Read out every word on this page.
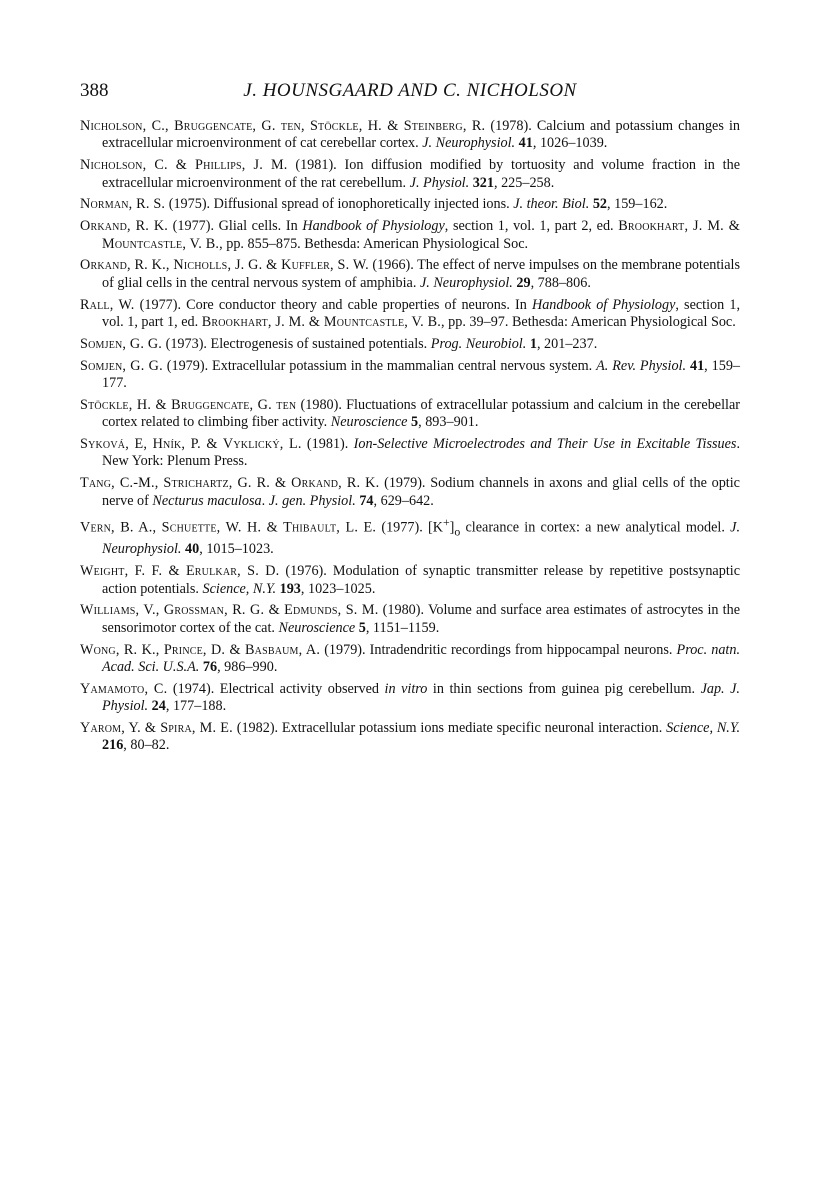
388	J. HOUNSGAARD AND C. NICHOLSON
Nicholson, C., Bruggencate, G. ten, Stöckle, H. & Steinberg, R. (1978). Calcium and potassium changes in extracellular microenvironment of cat cerebellar cortex. J. Neurophysiol. 41, 1026–1039.
Nicholson, C. & Phillips, J. M. (1981). Ion diffusion modified by tortuosity and volume fraction in the extracellular microenvironment of the rat cerebellum. J. Physiol. 321, 225–258.
Norman, R. S. (1975). Diffusional spread of ionophoretically injected ions. J. theor. Biol. 52, 159–162.
Orkand, R. K. (1977). Glial cells. In Handbook of Physiology, section 1, vol. 1, part 2, ed. Brookhart, J. M. & Mountcastle, V. B., pp. 855–875. Bethesda: American Physiological Soc.
Orkand, R. K., Nicholls, J. G. & Kuffler, S. W. (1966). The effect of nerve impulses on the membrane potentials of glial cells in the central nervous system of amphibia. J. Neurophysiol. 29, 788–806.
Rall, W. (1977). Core conductor theory and cable properties of neurons. In Handbook of Physiology, section 1, vol. 1, part 1, ed. Brookhart, J. M. & Mountcastle, V. B., pp. 39–97. Bethesda: American Physiological Soc.
Somjen, G. G. (1973). Electrogenesis of sustained potentials. Prog. Neurobiol. 1, 201–237.
Somjen, G. G. (1979). Extracellular potassium in the mammalian central nervous system. A. Rev. Physiol. 41, 159–177.
Stöckle, H. & Bruggencate, G. ten (1980). Fluctuations of extracellular potassium and calcium in the cerebellar cortex related to climbing fiber activity. Neuroscience 5, 893–901.
Syková, E, Hník, P. & Vyklický, L. (1981). Ion-Selective Microelectrodes and Their Use in Excitable Tissues. New York: Plenum Press.
Tang, C.-M., Strichartz, G. R. & Orkand, R. K. (1979). Sodium channels in axons and glial cells of the optic nerve of Necturus maculosa. J. gen. Physiol. 74, 629–642.
Vern, B. A., Schuette, W. H. & Thibault, L. E. (1977). $[K^+]_o$ clearance in cortex: a new analytical model. J. Neurophysiol. 40, 1015–1023.
Weight, F. F. & Erulkar, S. D. (1976). Modulation of synaptic transmitter release by repetitive postsynaptic action potentials. Science, N.Y. 193, 1023–1025.
Williams, V., Grossman, R. G. & Edmunds, S. M. (1980). Volume and surface area estimates of astrocytes in the sensorimotor cortex of the cat. Neuroscience 5, 1151–1159.
Wong, R. K., Prince, D. & Basbaum, A. (1979). Intradendritic recordings from hippocampal neurons. Proc. natn. Acad. Sci. U.S.A. 76, 986–990.
Yamamoto, C. (1974). Electrical activity observed in vitro in thin sections from guinea pig cerebellum. Jap. J. Physiol. 24, 177–188.
Yarom, Y. & Spira, M. E. (1982). Extracellular potassium ions mediate specific neuronal interaction. Science, N.Y. 216, 80–82.
